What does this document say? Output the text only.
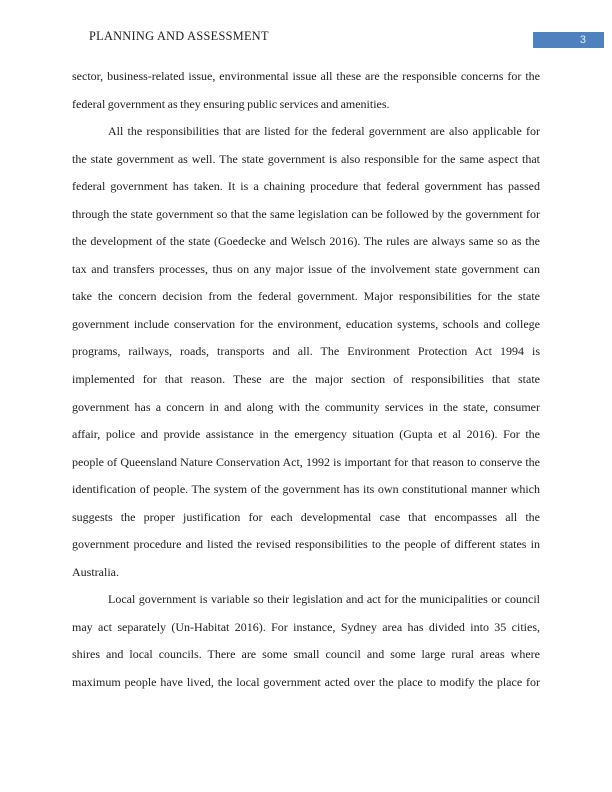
PLANNING AND ASSESSMENT	3
sector, business-related issue, environmental issue all these are the responsible concerns for the
federal government as they ensuring public services and amenities.
All the responsibilities that are listed for the federal government are also applicable for
the state government as well. The state government is also responsible for the same aspect that
federal government has taken. It is a chaining procedure that federal government has passed
through the state government so that the same legislation can be followed by the government for
the development of the state (Goedecke and Welsch 2016). The rules are always same so as the
tax and transfers processes, thus on any major issue of the involvement state government can
take the concern decision from the federal government. Major responsibilities for the state
government include conservation for the environment, education systems, schools and college
programs, railways, roads, transports and all. The Environment Protection Act 1994 is
implemented for that reason. These are the major section of responsibilities that state
government has a concern in and along with the community services in the state, consumer
affair, police and provide assistance in the emergency situation (Gupta et al 2016). For the
people of Queensland Nature Conservation Act, 1992 is important for that reason to conserve the
identification of people. The system of the government has its own constitutional manner which
suggests the proper justification for each developmental case that encompasses all the
government procedure and listed the revised responsibilities to the people of different states in
Australia.
Local government is variable so their legislation and act for the municipalities or council
may act separately (Un-Habitat 2016). For instance, Sydney area has divided into 35 cities,
shires and local councils. There are some small council and some large rural areas where
maximum people have lived, the local government acted over the place to modify the place for
